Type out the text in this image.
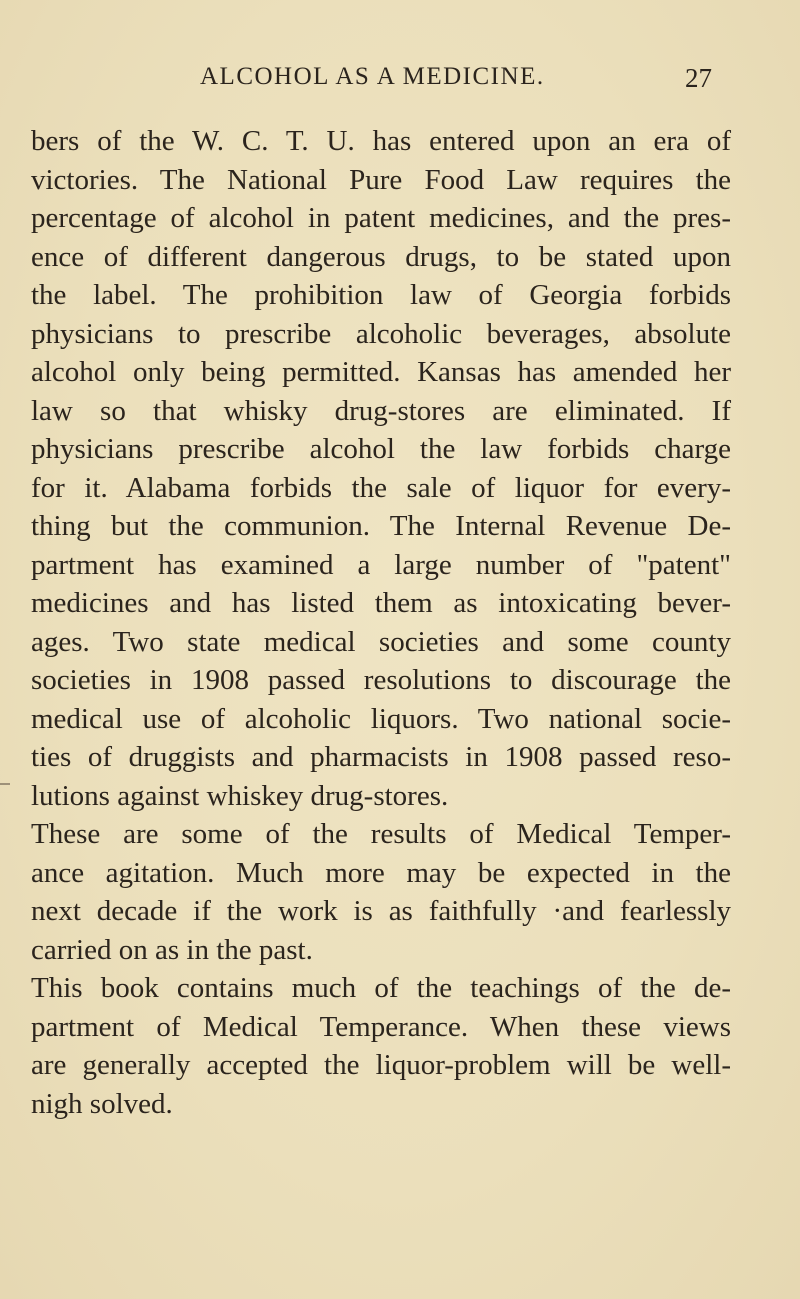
ALCOHOL AS A MEDICINE.	27
bers of the W. C. T. U. has entered upon an era of
victories. The National Pure Food Law requires the
percentage of alcohol in patent medicines, and the pres-
ence of different dangerous drugs, to be stated upon
the label. The prohibition law of Georgia forbids
physicians to prescribe alcoholic beverages, absolute
alcohol only being permitted. Kansas has amended her
law so that whisky drug-stores are eliminated. If
physicians prescribe alcohol the law forbids charge
for it. Alabama forbids the sale of liquor for every-
thing but the communion. The Internal Revenue De-
partment has examined a large number of "patent"
medicines and has listed them as intoxicating bever-
ages. Two state medical societies and some county
societies in 1908 passed resolutions to discourage the
medical use of alcoholic liquors. Two national socie-
ties of druggists and pharmacists in 1908 passed reso-
lutions against whiskey drug-stores.
These are some of the results of Medical Temper-
ance agitation. Much more may be expected in the
next decade if the work is as faithfully ·and fearlessly
carried on as in the past.
This book contains much of the teachings of the de-
partment of Medical Temperance. When these views
are generally accepted the liquor-problem will be well-
nigh solved.
